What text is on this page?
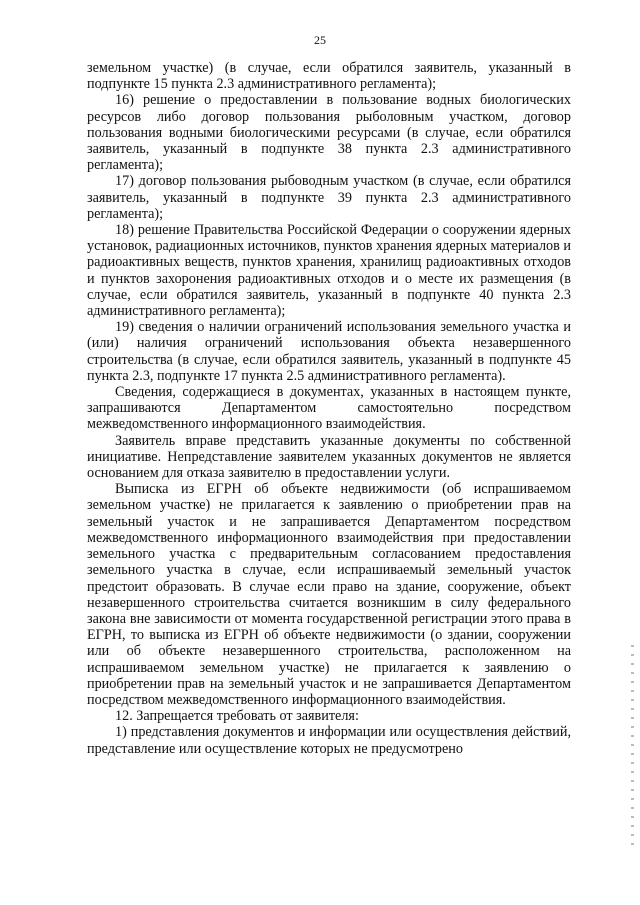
25

земельном участке) (в случае, если обратился заявитель, указанный в подпункте 15 пункта 2.3 административного регламента);

16) решение о предоставлении в пользование водных биологических ресурсов либо договор пользования рыболовным участком, договор пользования водными биологическими ресурсами (в случае, если обратился заявитель, указанный в подпункте 38 пункта 2.3 административного регламента);

17) договор пользования рыбоводным участком (в случае, если обратился заявитель, указанный в подпункте 39 пункта 2.3 административного регламента);

18) решение Правительства Российской Федерации о сооружении ядерных установок, радиационных источников, пунктов хранения ядерных материалов и радиоактивных веществ, пунктов хранения, хранилищ радиоактивных отходов и пунктов захоронения радиоактивных отходов и о месте их размещения (в случае, если обратился заявитель, указанный в подпункте 40 пункта 2.3 административного регламента);

19) сведения о наличии ограничений использования земельного участка и (или) наличия ограничений использования объекта незавершенного строительства (в случае, если обратился заявитель, указанный в подпункте 45 пункта 2.3, подпункте 17 пункта 2.5 административного регламента).

Сведения, содержащиеся в документах, указанных в настоящем пункте, запрашиваются Департаментом самостоятельно посредством межведомственного информационного взаимодействия.

Заявитель вправе представить указанные документы по собственной инициативе. Непредставление заявителем указанных документов не является основанием для отказа заявителю в предоставлении услуги.

Выписка из ЕГРН об объекте недвижимости (об испрашиваемом земельном участке) не прилагается к заявлению о приобретении прав на земельный участок и не запрашивается Департаментом посредством межведомственного информационного взаимодействия при предоставлении земельного участка с предварительным согласованием предоставления земельного участка в случае, если испрашиваемый земельный участок предстоит образовать. В случае если право на здание, сооружение, объект незавершенного строительства считается возникшим в силу федерального закона вне зависимости от момента государственной регистрации этого права в ЕГРН, то выписка из ЕГРН об объекте недвижимости (о здании, сооружении или об объекте незавершенного строительства, расположенном на испрашиваемом земельном участке) не прилагается к заявлению о приобретении прав на земельный участок и не запрашивается Департаментом посредством межведомственного информационного взаимодействия.

12. Запрещается требовать от заявителя:

1) представления документов и информации или осуществления действий, представление или осуществление которых не предусмотрено
